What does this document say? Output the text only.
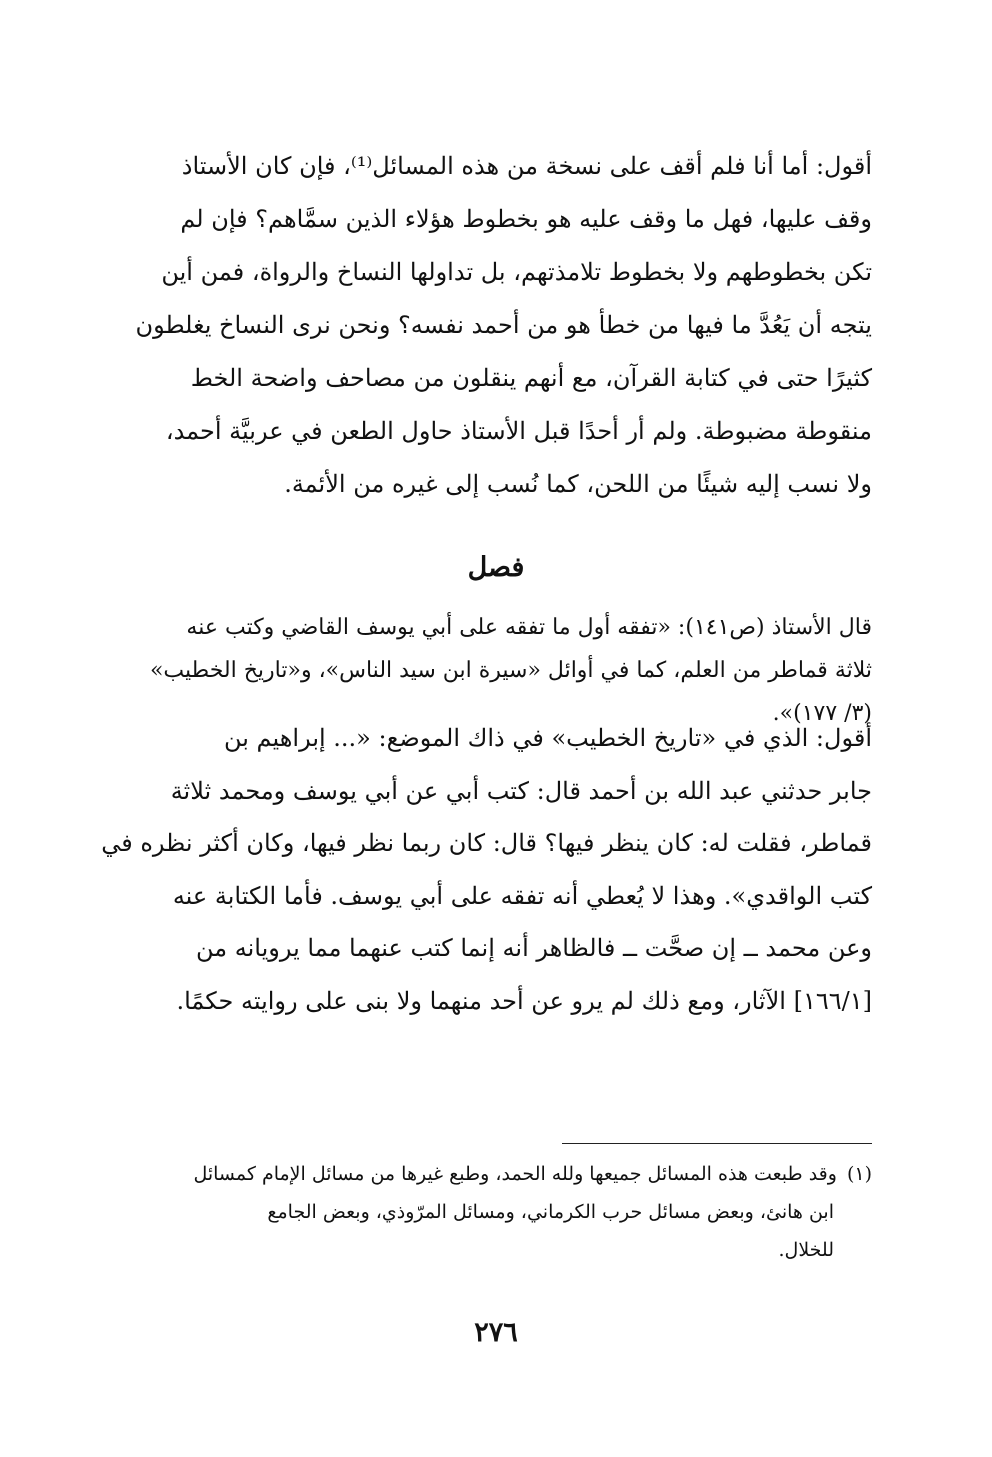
أقول: أما أنا فلم أقف على نسخة من هذه المسائل⁽¹⁾، فإن كان الأستاذ
وقف عليها، فهل ما وقف عليه هو بخطوط هؤلاء الذين سمَّاهم؟ فإن لم
تكن بخطوطهم ولا بخطوط تلامذتهم، بل تداولها النساخ والرواة، فمن أين
يتجه أن يَعُدَّ ما فيها من خطأ هو من أحمد نفسه؟ ونحن نرى النساخ يغلطون
كثيرًا حتى في كتابة القرآن، مع أنهم ينقلون من مصاحف واضحة الخط
منقوطة مضبوطة. ولم أر أحدًا قبل الأستاذ حاول الطعن في عربيَّة أحمد،
ولا نسب إليه شيئًا من اللحن، كما نُسب إلى غيره من الأئمة.
فصل
قال الأستاذ (ص١٤١): «تفقه أول ما تفقه على أبي يوسف القاضي وكتب عنه
ثلاثة قماطر من العلم، كما في أوائل «سيرة ابن سيد الناس»، و«تاريخ الخطيب»
(٣/ ١٧٧)».
أقول: الذي في «تاريخ الخطيب» في ذاك الموضع: «... إبراهيم بن
جابر حدثني عبد الله بن أحمد قال: كتب أبي عن أبي يوسف ومحمد ثلاثة
قماطر، فقلت له: كان ينظر فيها؟ قال: كان ربما نظر فيها، وكان أكثر نظره في
كتب الواقدي». وهذا لا يُعطي أنه تفقه على أبي يوسف. فأما الكتابة عنه
وعن محمد ــ إن صحَّت ــ فالظاهر أنه إنما كتب عنهما مما يرويانه من
[١٦٦/١] الآثار، ومع ذلك لم يرو عن أحد منهما ولا بنى على روايته حكمًا.
(١)وقد طبعت هذه المسائل جميعها ولله الحمد، وطبع غيرها من مسائل الإمام كمسائل
ابن هانئ، وبعض مسائل حرب الكرماني، ومسائل المرّوذي، وبعض الجامع
للخلال.
٢٧٦
